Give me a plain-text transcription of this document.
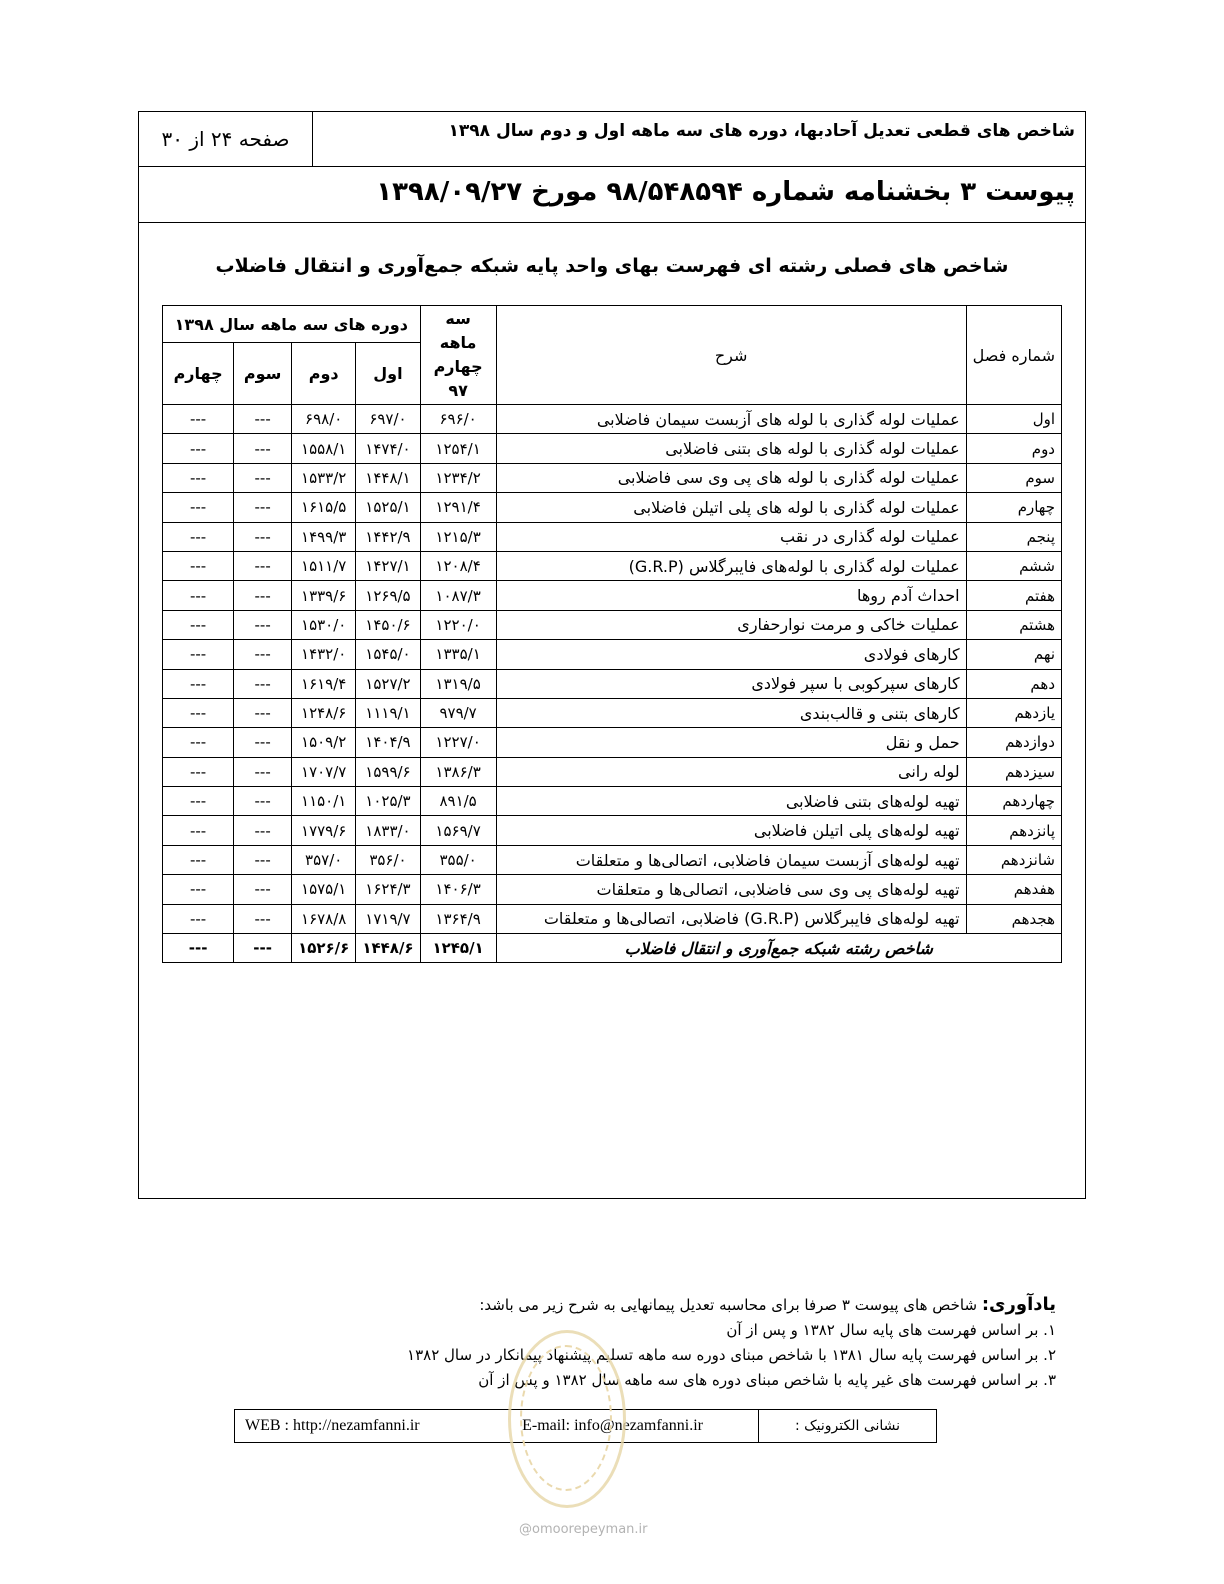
شاخص های قطعی تعدیل آحادبها، دوره های سه ماهه اول و دوم سال ۱۳۹۸
صفحه ۲۴ از ۳۰
پیوست ۳ بخشنامه شماره ۹۸/۵۴۸۵۹۴ مورخ ۱۳۹۸/۰۹/۲۷
شاخص های فصلی رشته ای فهرست بهای واحد پایه شبکه جمع‌آوری و انتقال فاضلاب
شماره فصل	شرح	سه ماهه چهارم ۹۷	دوره های سه ماهه سال ۱۳۹۸			
			اول	دوم	سوم	چهارم
اول	عملیات لوله گذاری با لوله های آزبست سیمان فاضلابی	۶۹۶/۰	۶۹۷/۰	۶۹۸/۰	---	---
دوم	عملیات لوله گذاری با لوله های بتنی فاضلابی	۱۲۵۴/۱	۱۴۷۴/۰	۱۵۵۸/۱	---	---
سوم	عملیات لوله گذاری با لوله های پی وی سی فاضلابی	۱۲۳۴/۲	۱۴۴۸/۱	۱۵۳۳/۲	---	---
چهارم	عملیات لوله گذاری با لوله های پلی اتیلن فاضلابی	۱۲۹۱/۴	۱۵۲۵/۱	۱۶۱۵/۵	---	---
پنجم	عملیات لوله گذاری در نقب	۱۲۱۵/۳	۱۴۴۲/۹	۱۴۹۹/۳	---	---
ششم	عملیات لوله گذاری با لوله‌های فایبرگلاس (G.R.P)	۱۲۰۸/۴	۱۴۲۷/۱	۱۵۱۱/۷	---	---
هفتم	احداث آدم روها	۱۰۸۷/۳	۱۲۶۹/۵	۱۳۳۹/۶	---	---
هشتم	عملیات خاکی و مرمت نوارحفاری	۱۲۲۰/۰	۱۴۵۰/۶	۱۵۳۰/۰	---	---
نهم	کارهای فولادی	۱۳۳۵/۱	۱۵۴۵/۰	۱۴۳۲/۰	---	---
دهم	کارهای سپرکوبی با سپر فولادی	۱۳۱۹/۵	۱۵۲۷/۲	۱۶۱۹/۴	---	---
یازدهم	کارهای بتنی و قالب‌بندی	۹۷۹/۷	۱۱۱۹/۱	۱۲۴۸/۶	---	---
دوازدهم	حمل و نقل	۱۲۲۷/۰	۱۴۰۴/۹	۱۵۰۹/۲	---	---
سیزدهم	لوله رانی	۱۳۸۶/۳	۱۵۹۹/۶	۱۷۰۷/۷	---	---
چهاردهم	تهیه لوله‌های بتنی فاضلابی	۸۹۱/۵	۱۰۲۵/۳	۱۱۵۰/۱	---	---
پانزدهم	تهیه لوله‌های پلی اتیلن فاضلابی	۱۵۶۹/۷	۱۸۳۳/۰	۱۷۷۹/۶	---	---
شانزدهم	تهیه لوله‌های آزبست سیمان فاضلابی، اتصالی‌ها و متعلقات	۳۵۵/۰	۳۵۶/۰	۳۵۷/۰	---	---
هفدهم	تهیه لوله‌های پی وی سی فاضلابی، اتصالی‌ها و متعلقات	۱۴۰۶/۳	۱۶۲۴/۳	۱۵۷۵/۱	---	---
هجدهم	تهیه لوله‌های فایبرگلاس (G.R.P) فاضلابی، اتصالی‌ها و متعلقات	۱۳۶۴/۹	۱۷۱۹/۷	۱۶۷۸/۸	---	---
شاخص رشته شبکه جمع‌آوری و انتقال فاضلاب		۱۲۴۵/۱	۱۴۴۸/۶	۱۵۲۶/۶	---	---
یادآوری: شاخص های پیوست ۳ صرفا برای محاسبه تعدیل پیمانهایی به شرح زیر می باشد:
۱. بر اساس فهرست های پایه سال ۱۳۸۲ و پس از آن
۲. بر اساس فهرست پایه سال ۱۳۸۱ با شاخص مبنای دوره سه ماهه تسلیم پیشنهاد پیمانکار در سال ۱۳۸۲
۳. بر اساس فهرست های غیر پایه با شاخص مبنای دوره های سه ماهه سال ۱۳۸۲ و پس از آن
نشانی الکترونیک :
WEB : http://nezamfanni.ir	E-mail: info@nezamfanni.ir
@omoorepeyman.ir
